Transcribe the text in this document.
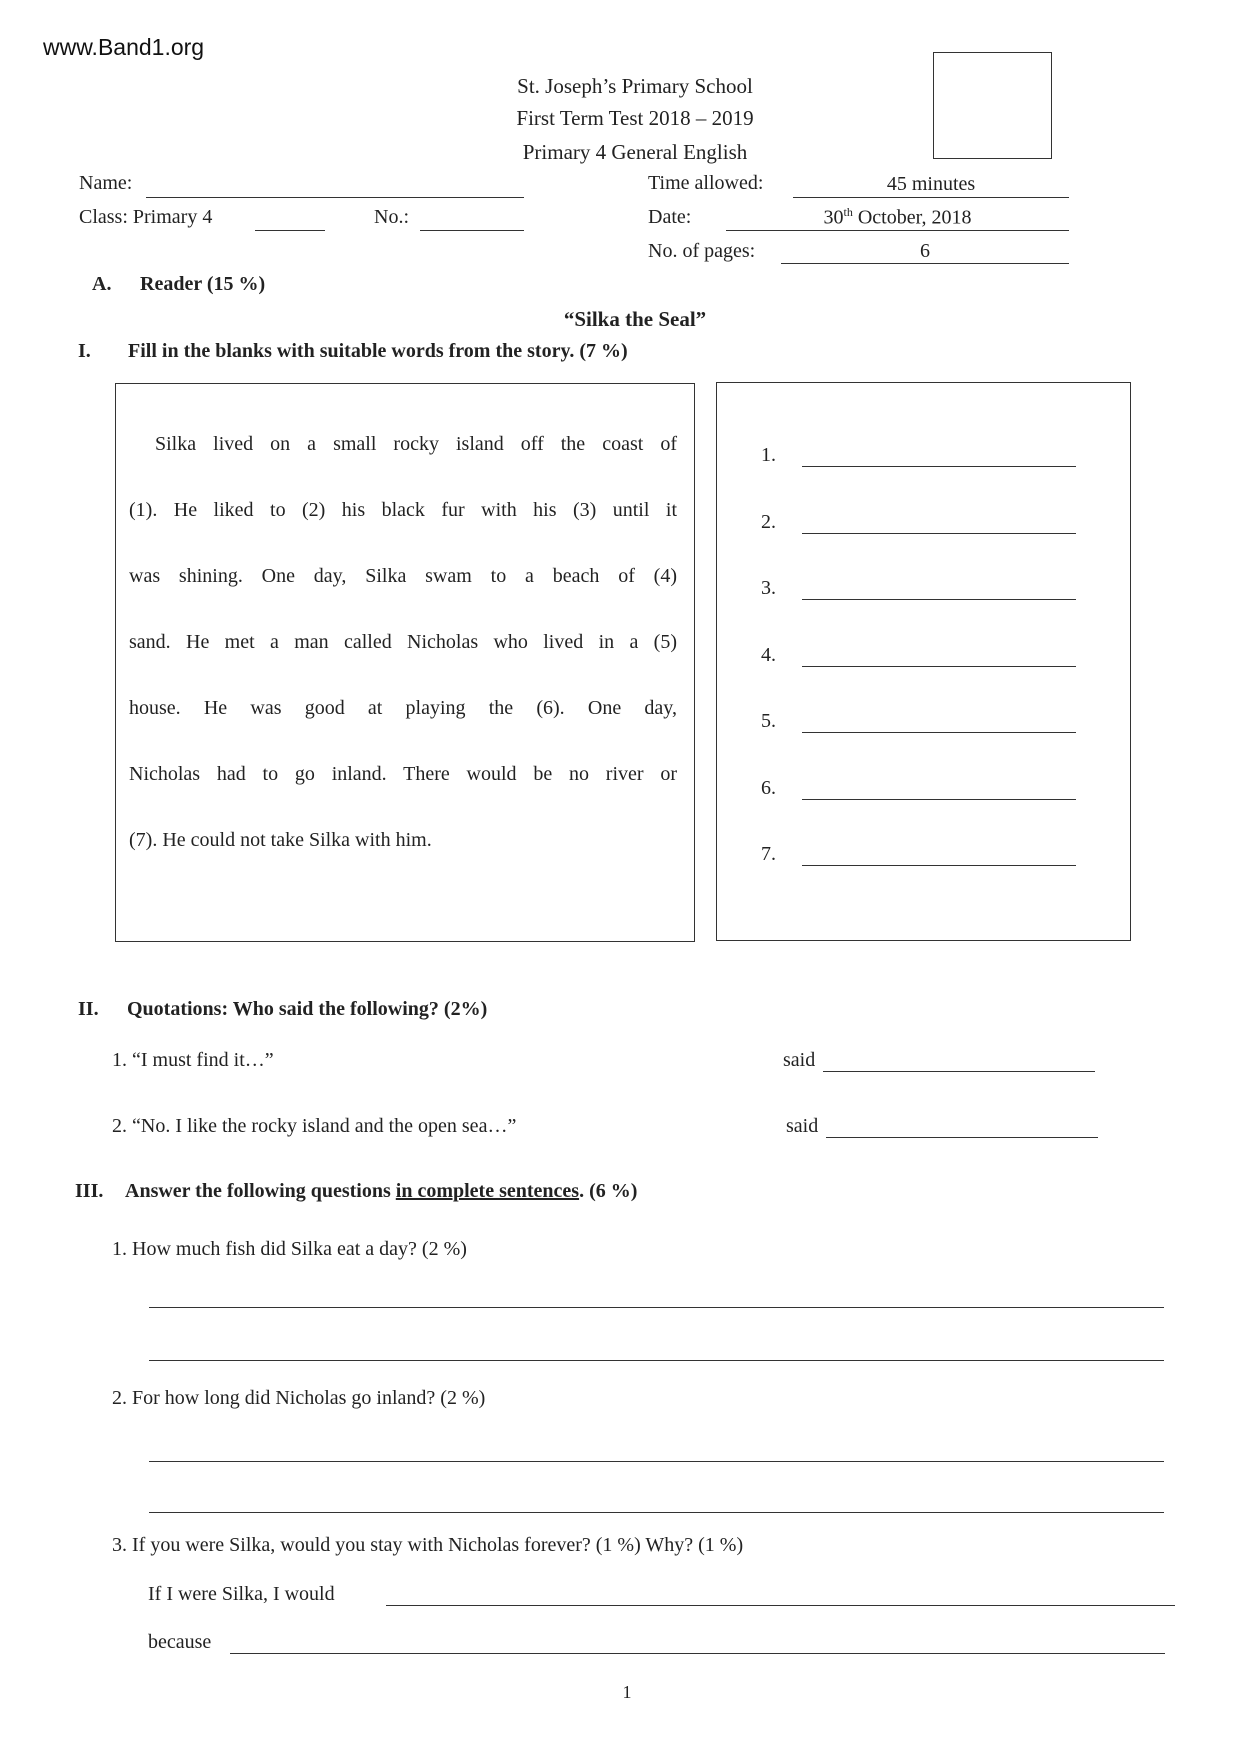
www.Band1.org
St. Joseph’s Primary School
First Term Test 2018 – 2019
Primary 4 General English
Name:
Class: Primary 4	No.:
Time allowed:	45 minutes
Date:	30th October, 2018
No. of pages:	6
A. Reader (15 %)
“Silka the Seal”
I. Fill in the blanks with suitable words from the story. (7 %)
Silka lived on a small rocky island off the coast of
(1). He liked to (2) his black fur with his (3) until it
was shining. One day, Silka swam to a beach of (4)
sand. He met a man called Nicholas who lived in a (5)
house. He was good at playing the (6). One day,
Nicholas had to go inland. There would be no river or
(7). He could not take Silka with him.
1.
2.
3.
4.
5.
6.
7.
II. Quotations: Who said the following? (2%)
1. “I must find it…”	said
2. “No. I like the rocky island and the open sea…”	said
III. Answer the following questions in complete sentences. (6 %)
1. How much fish did Silka eat a day? (2 %)
2. For how long did Nicholas go inland? (2 %)
3. If you were Silka, would you stay with Nicholas forever? (1 %) Why? (1 %)
If I were Silka, I would
because
1
